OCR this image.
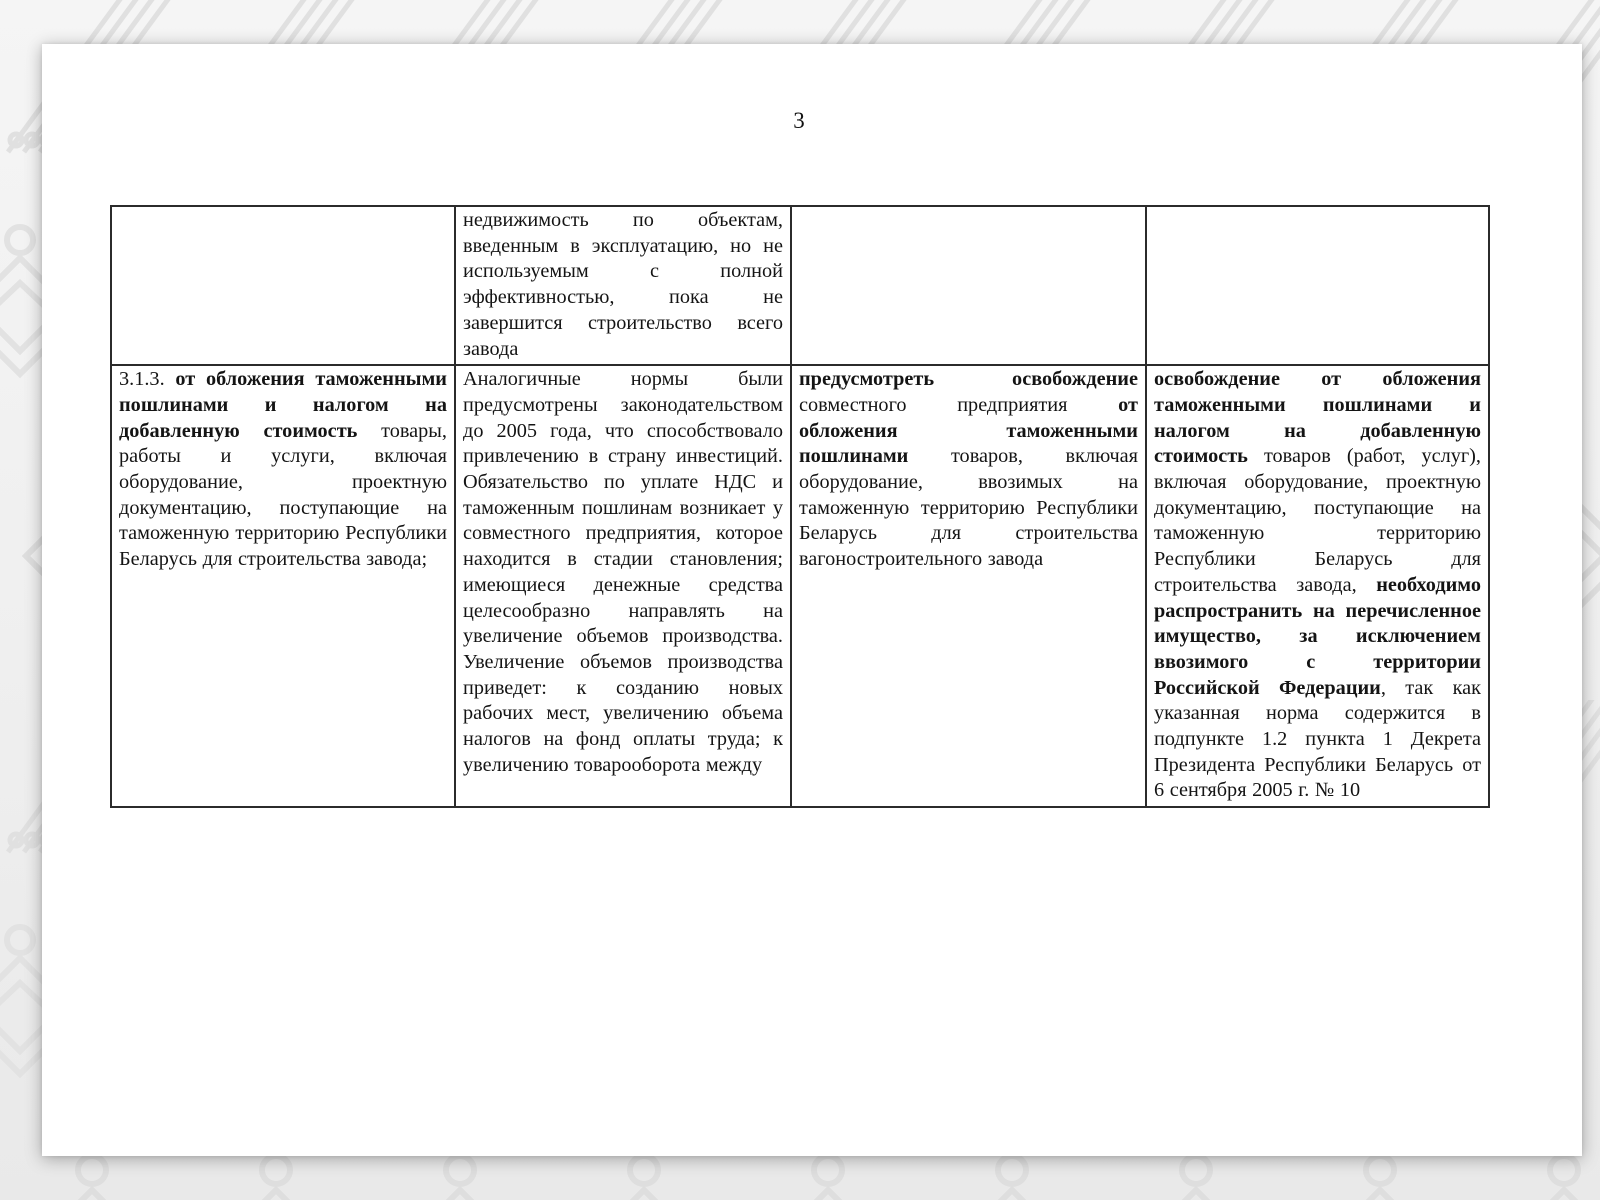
3
	недвижимость по объектам, введенным в эксплуатацию, но не используемым с полной эффективностью, пока не завершится строительство всего завода		
3.1.3. от обложения таможенными пошлинами и налогом на добавленную стоимость товары, работы и услуги, включая оборудование, проектную документацию, поступающие на таможенную территорию Республики Беларусь для строительства завода;	Аналогичные нормы были предусмотрены законодательством до 2005 года, что способствовало привлечению в страну инвестиций. Обязательство по уплате НДС и таможенным пошлинам возникает у совместного предприятия, которое находится в стадии становления; имеющиеся денежные средства целесообразно направлять на увеличение объемов производства. Увеличение объемов производства приведет: к созданию новых рабочих мест, увеличению объема налогов на фонд оплаты труда; к увеличению товарооборота между	предусмотреть освобождение совместного предприятия от обложения таможенными пошлинами товаров, включая оборудование, ввозимых на таможенную территорию Республики Беларусь для строительства вагоностроительного завода	освобождение от обложения таможенными пошлинами и налогом на добавленную стоимость товаров (работ, услуг), включая оборудование, проектную документацию, поступающие на таможенную территорию Республики Беларусь для строительства завода, необходимо распространить на перечисленное имущество, за исключением ввозимого с территории Российской Федерации, так как указанная норма содержится в подпункте 1.2 пункта 1 Декрета Президента Республики Беларусь от 6 сентября 2005 г. № 10
